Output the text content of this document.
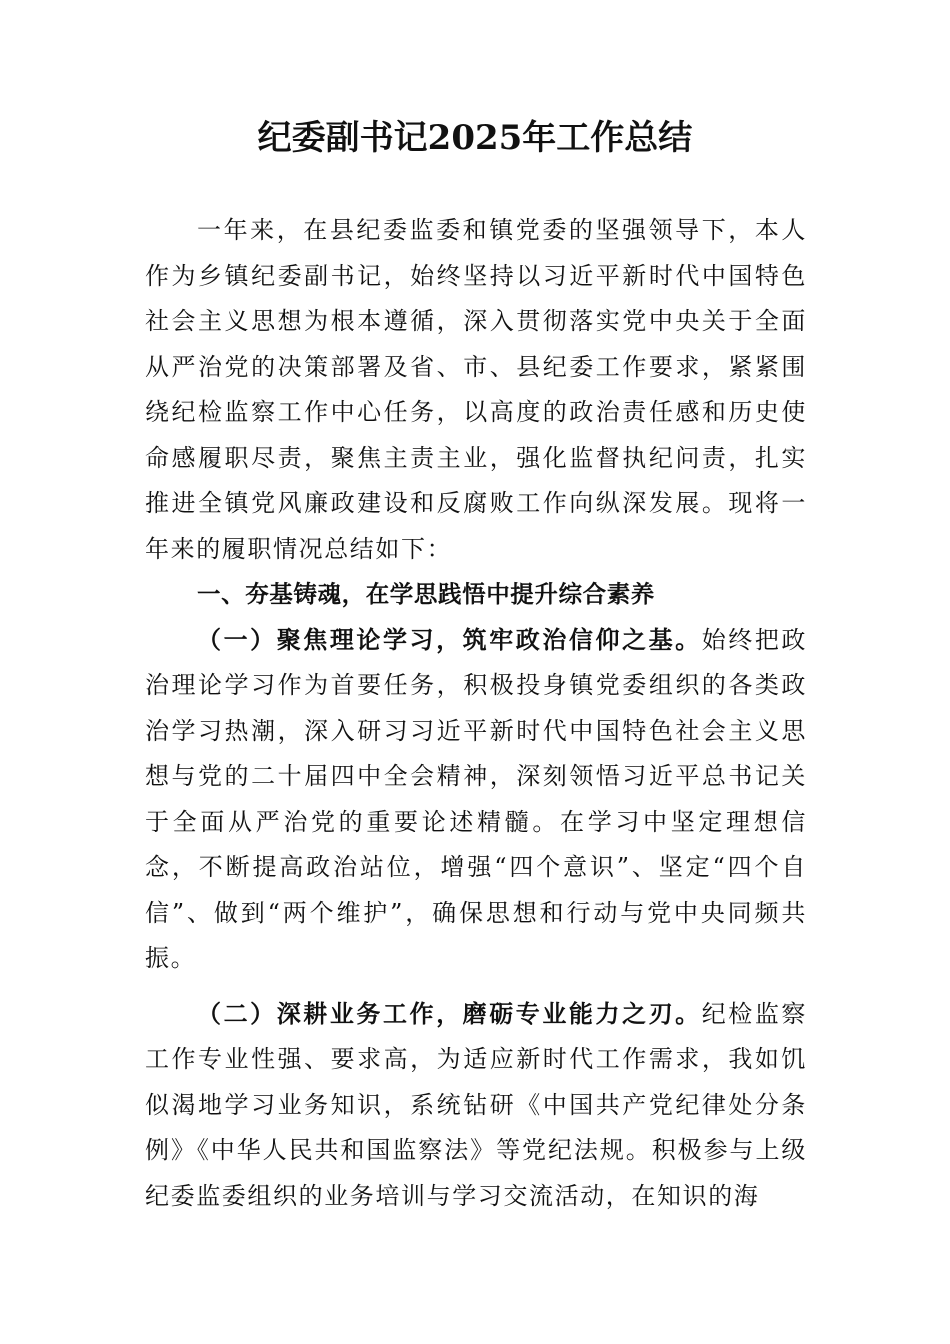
纪委副书记2025年工作总结

一年来，在县纪委监委和镇党委的坚强领导下，本人作为乡镇纪委副书记，始终坚持以习近平新时代中国特色社会主义思想为根本遵循，深入贯彻落实党中央关于全面从严治党的决策部署及省、市、县纪委工作要求，紧紧围绕纪检监察工作中心任务，以高度的政治责任感和历史使命感履职尽责，聚焦主责主业，强化监督执纪问责，扎实推进全镇党风廉政建设和反腐败工作向纵深发展。现将一年来的履职情况总结如下：

一、夯基铸魂，在学思践悟中提升综合素养

（一）聚焦理论学习，筑牢政治信仰之基。始终把政治理论学习作为首要任务，积极投身镇党委组织的各类政治学习热潮，深入研习习近平新时代中国特色社会主义思想与党的二十届四中全会精神，深刻领悟习近平总书记关于全面从严治党的重要论述精髓。在学习中坚定理想信念，不断提高政治站位，增强“四个意识”、坚定“四个自信”、做到“两个维护”，确保思想和行动与党中央同频共振。

（二）深耕业务工作，磨砺专业能力之刃。纪检监察工作专业性强、要求高，为适应新时代工作需求，我如饥似渴地学习业务知识，系统钻研《中国共产党纪律处分条例》《中华人民共和国监察法》等党纪法规。积极参与上级纪委监委组织的业务培训与学习交流活动，在知识的海
